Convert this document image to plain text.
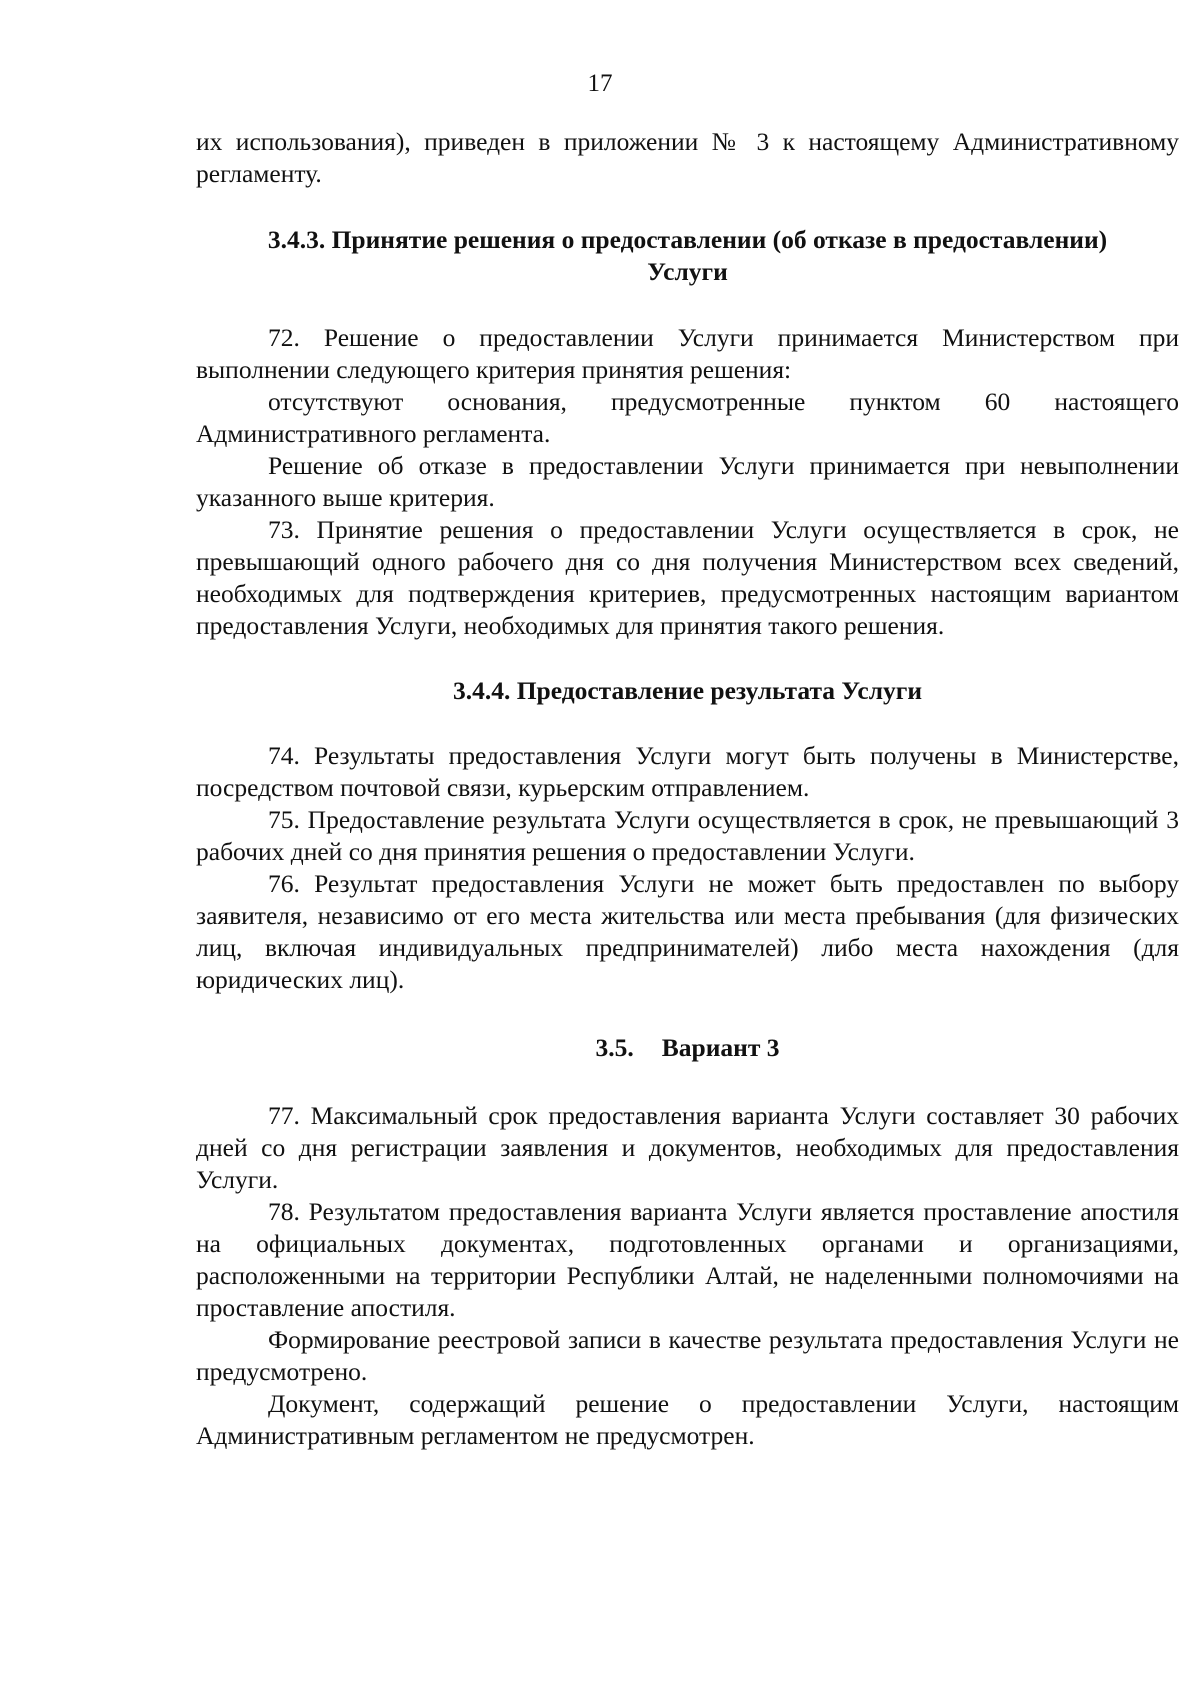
17

их использования), приведен в приложении № 3 к настоящему Административному регламенту.

3.4.3. Принятие решения о предоставлении (об отказе в предоставлении)
Услуги

72. Решение о предоставлении Услуги принимается Министерством при выполнении следующего критерия принятия решения:

отсутствуют основания, предусмотренные пунктом 60 настоящего Административного регламента.

Решение об отказе в предоставлении Услуги принимается при невыполнении указанного выше критерия.

73. Принятие решения о предоставлении Услуги осуществляется в срок, не превышающий одного рабочего дня со дня получения Министерством всех сведений, необходимых для подтверждения критериев, предусмотренных настоящим вариантом предоставления Услуги, необходимых для принятия такого решения.

3.4.4. Предоставление результата Услуги

74. Результаты предоставления Услуги могут быть получены в Министерстве, посредством почтовой связи, курьерским отправлением.

75. Предоставление результата Услуги осуществляется в срок, не превышающий 3 рабочих дней со дня принятия решения о предоставлении Услуги.

76. Результат предоставления Услуги не может быть предоставлен по выбору заявителя, независимо от его места жительства или места пребывания (для физических лиц, включая индивидуальных предпринимателей) либо места нахождения (для юридических лиц).

3.5. Вариант 3

77. Максимальный срок предоставления варианта Услуги составляет 30 рабочих дней со дня регистрации заявления и документов, необходимых для предоставления Услуги.

78. Результатом предоставления варианта Услуги является проставление апостиля на официальных документах, подготовленных органами и организациями, расположенными на территории Республики Алтай, не наделенными полномочиями на проставление апостиля.

Формирование реестровой записи в качестве результата предоставления Услуги не предусмотрено.

Документ, содержащий решение о предоставлении Услуги, настоящим Административным регламентом не предусмотрен.
